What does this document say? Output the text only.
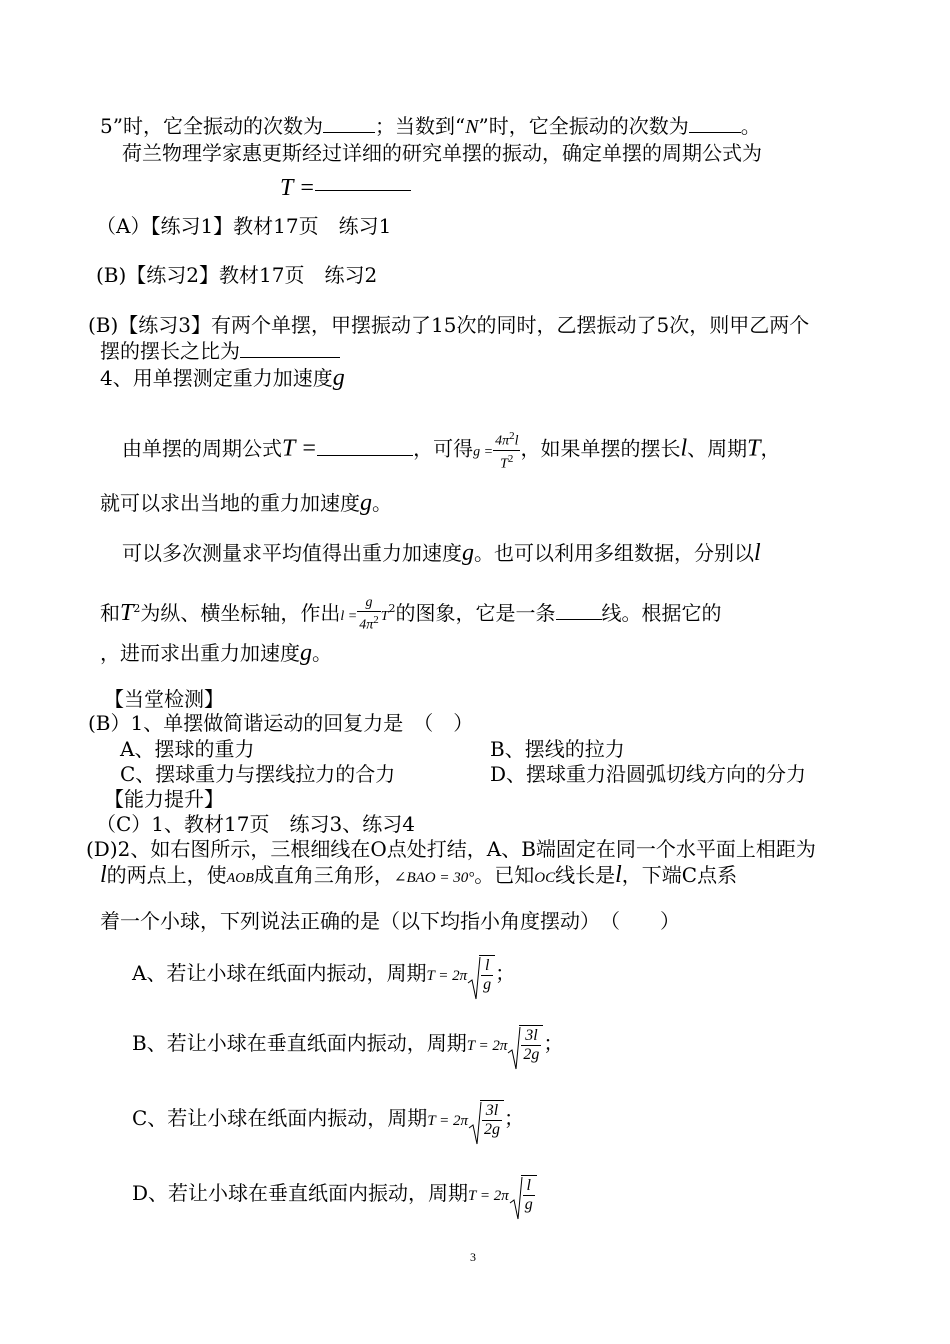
5”时，它全振动的次数为	；当数到“N”时，它全振动的次数为	。
荷兰物理学家惠更斯经过详细的研究单摆的振动，确定单摆的周期公式为
T =
（A）【练习1】教材17页　练习1
(B)【练习2】教材17页　练习2
(B)【练习3】有两个单摆，甲摆振动了15次的同时，乙摆振动了5次，则甲乙两个
摆的摆长之比为
4、用单摆测定重力加速度g
由单摆的周期公式T =	，可得$g = \frac{4\pi^2l}{T^2}$ ，如果单摆的摆长l、周期T，
就可以求出当地的重力加速度g。
可以多次测量求平均值得出重力加速度g。也可以利用多组数据，分别以l
和$T^2$为纵、横坐标轴，作出$l = \frac{g}{4\pi^2} T^2$的图象，它是一条 线。根据它的
，进而求出重力加速度g。
【当堂检测】
(B）1、单摆做简谐运动的回复力是　（　）
A、摆球的重力	B、摆线的拉力
C、摆球重力与摆线拉力的合力	D、摆球重力沿圆弧切线方向的分力
【能力提升】
（C）1、教材17页　练习3、练习4
(D)2、如右图所示，三根细线在O点处打结，A、B端固定在同一个水平面上相距为
l的两点上，使AOB成直角三角形，∠BAO = 30°。已知OC线长是l，下端C点系
着一个小球，下列说法正确的是（以下均指小角度摆动）　（　　）
A、若让小球在纸面内振动，周期$T = 2\pi \frac{l}{g}$ ；
B、若让小球在垂直纸面内振动，周期$T = 2\pi \frac{3l}{2g}$ ；
C、若让小球在纸面内振动，周期$T = 2\pi \frac{3l}{2g}$ ；
D、若让小球在垂直纸面内振动，周期$T = 2\pi \frac{l}{g}$
3
